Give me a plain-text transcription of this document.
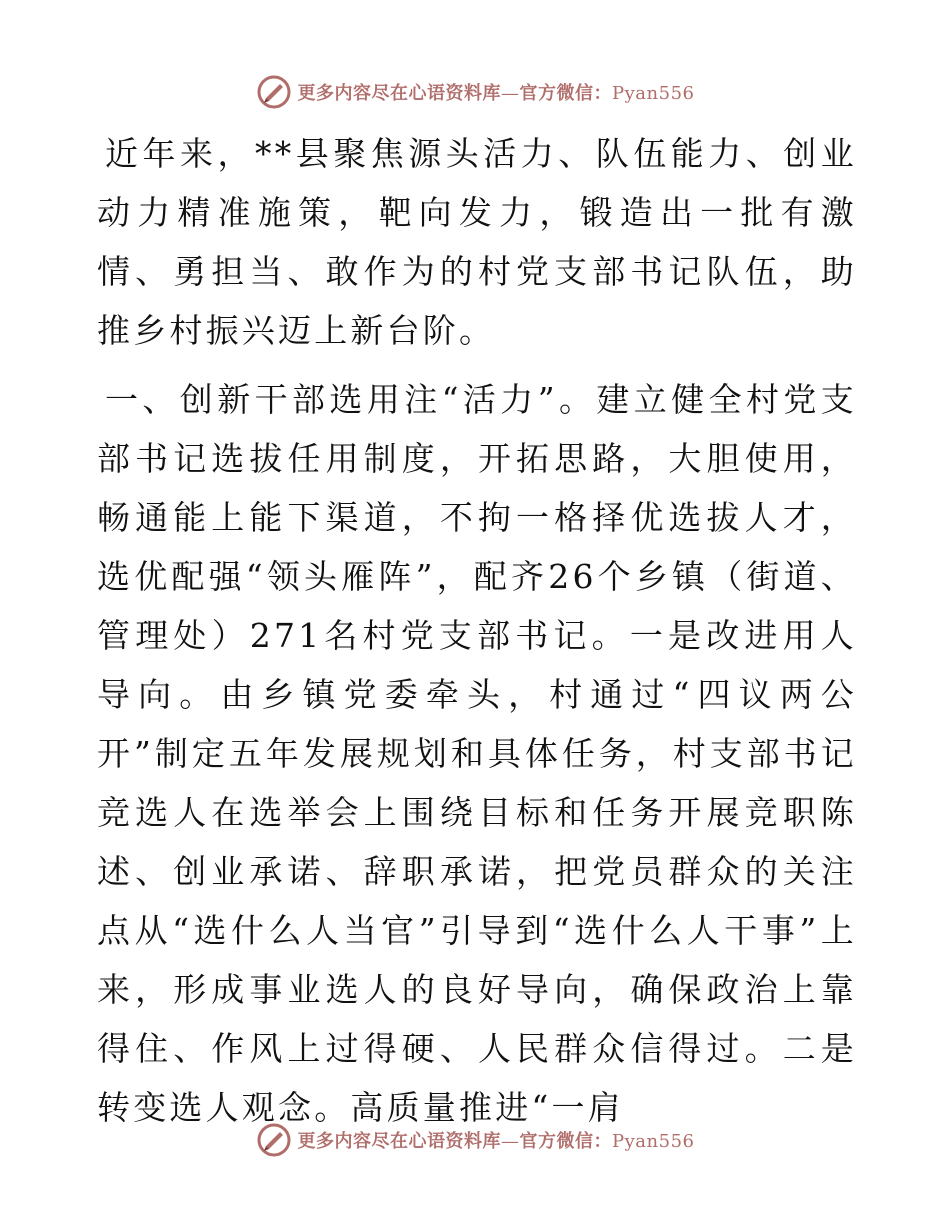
更多内容尽在心语资料库—官方微信：Pyan556

近年来，**县聚焦源头活力、队伍能力、创业动力精准施策，靶向发力，锻造出一批有激情、勇担当、敢作为的村党支部书记队伍，助推乡村振兴迈上新台阶。

一、创新干部选用注“活力”。建立健全村党支部书记选拔任用制度，开拓思路，大胆使用，畅通能上能下渠道，不拘一格择优选拔人才，选优配强“领头雁阵”，配齐26个乡镇（街道、管理处）271名村党支部书记。一是改进用人导向。由乡镇党委牵头，村通过“四议两公开”制定五年发展规划和具体任务，村支部书记竞选人在选举会上围绕目标和任务开展竞职陈述、创业承诺、辞职承诺，把党员群众的关注点从“选什么人当官”引导到“选什么人干事”上来，形成事业选人的良好导向，确保政治上靠得住、作风上过得硬、人民群众信得过。二是转变选人观念。高质量推进“一肩

更多内容尽在心语资料库—官方微信：Pyan556
